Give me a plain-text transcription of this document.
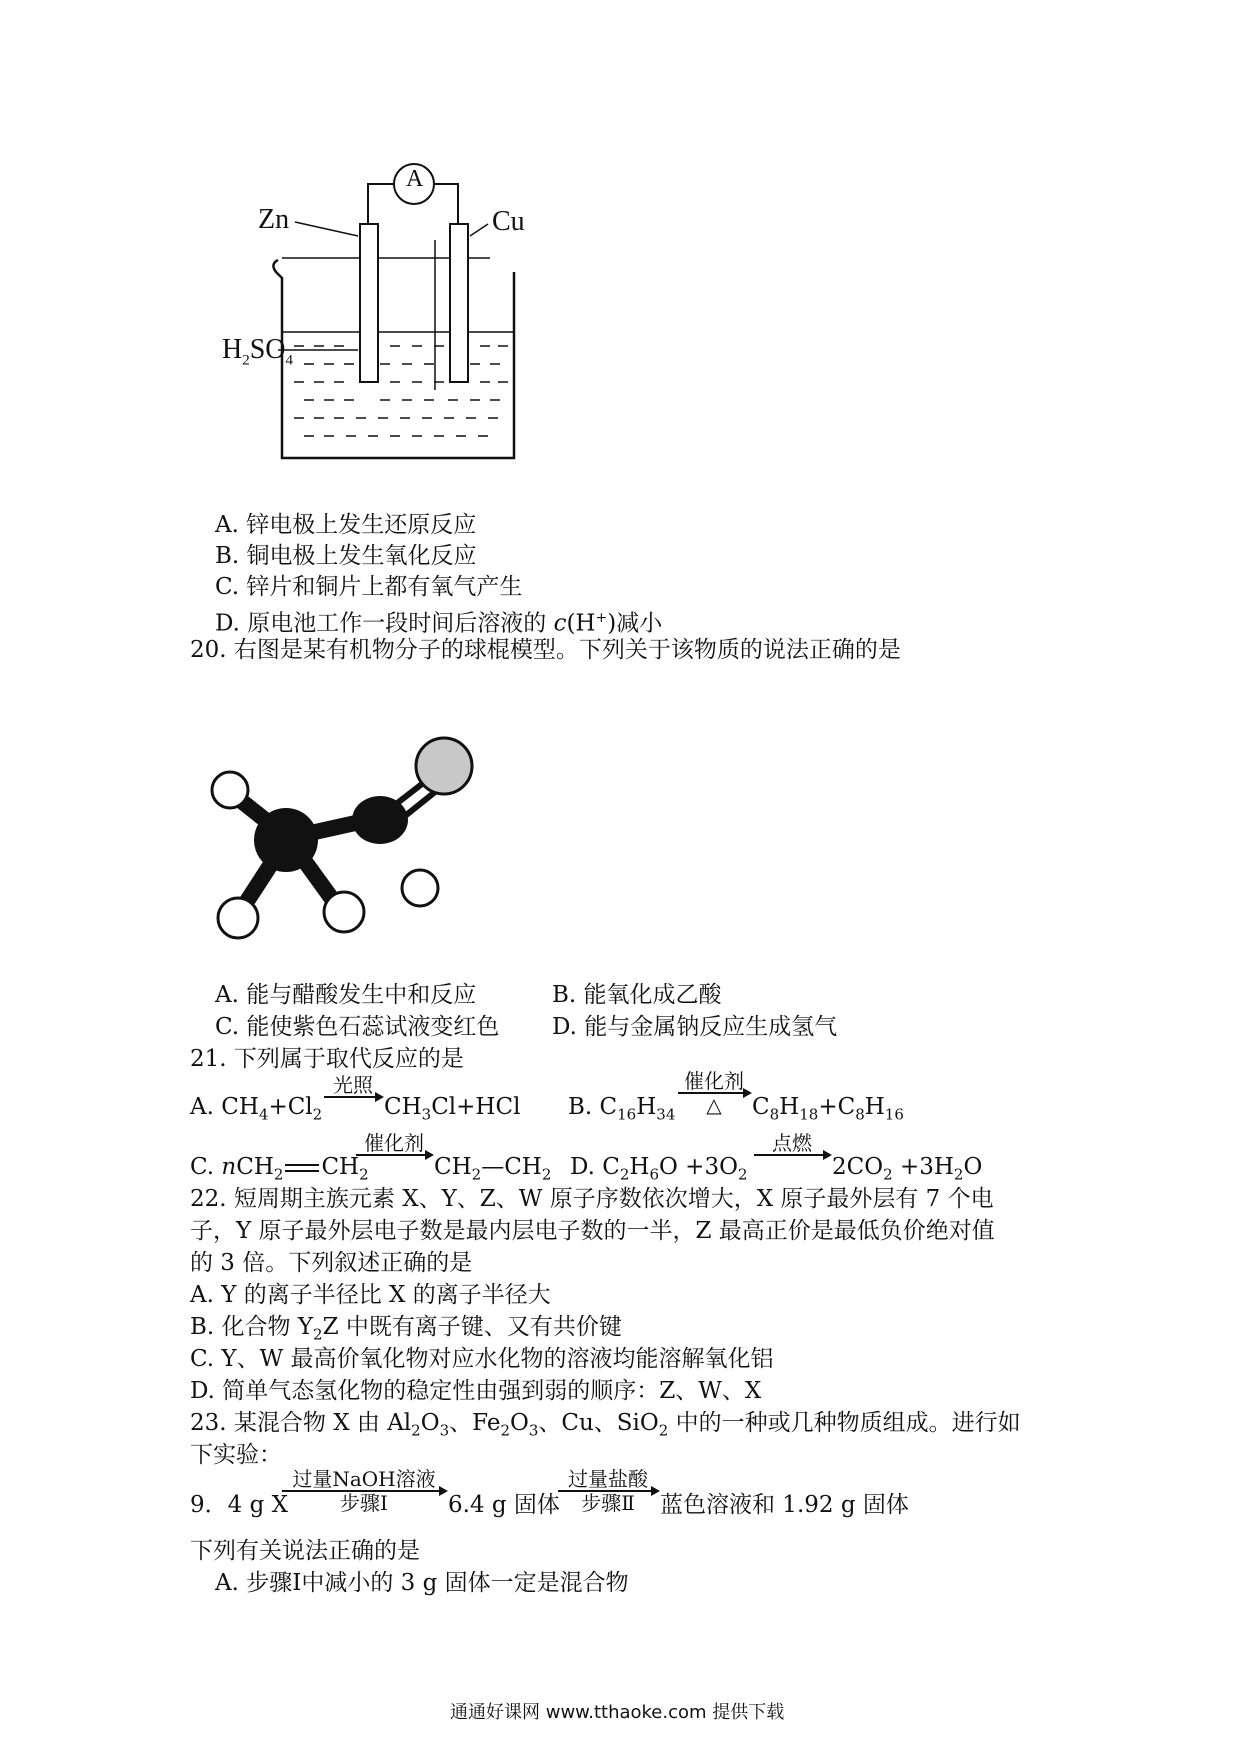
A
Zn	Cu
$H_2SO_4$
A. 锌电极上发生还原反应
B. 铜电极上发生氧化反应
C. 锌片和铜片上都有氧气产生
D. 原电池工作一段时间后溶液的 c(H+)减小
20. 右图是某有机物分子的球棍模型。下列关于该物质的说法正确的是
A. 能与醋酸发生中和反应	B. 能氧化成乙酸
C. 能使紫色石蕊试液变红色 D. 能与金属钠反应生成氢气
21. 下列属于取代反应的是
A. $CH_4+Cl_2$
光照
$CH_3Cl+HCl$ B. $C_{16}H_{34}$
催化剂
△	$C_8H_{18}+C_8H_{16}$
C. nCH$_2$ $CH_2$
催化剂
$CH_2—CH_2$ D. $C_2H_6O +3O_2$
点燃
$2CO_2 +3H_2O$
22. 短周期主族元素 X、Y、Z、W 原子序数依次增大，X 原子最外层有 7 个电
子，Y 原子最外层电子数是最内层电子数的一半，Z 最高正价是最低负价绝对值
的 3 倍。下列叙述正确的是
A. Y 的离子半径比 X 的离子半径大
B. 化合物 $Y_2Z$ 中既有离子键、又有共价键
C. Y、W 最高价氧化物对应水化物的溶液均能溶解氧化铝
D. 简单气态氢化物的稳定性由强到弱的顺序：Z、W、X
23. 某混合物 X 由 $Al_2O_3$、$Fe_2O_3$、Cu、SiO$_2$ 中的一种或几种物质组成。进行如
下实验：
9．4 g X
过量NaOH溶液
步骤Ⅰ	6.4 g 固体
过量盐酸
步骤Ⅱ	蓝色溶液和 1.92 g 固体
下列有关说法正确的是
A. 步骤Ⅰ中减小的 3 g 固体一定是混合物
通通好课网 www.tthaoke.com 提供下载
